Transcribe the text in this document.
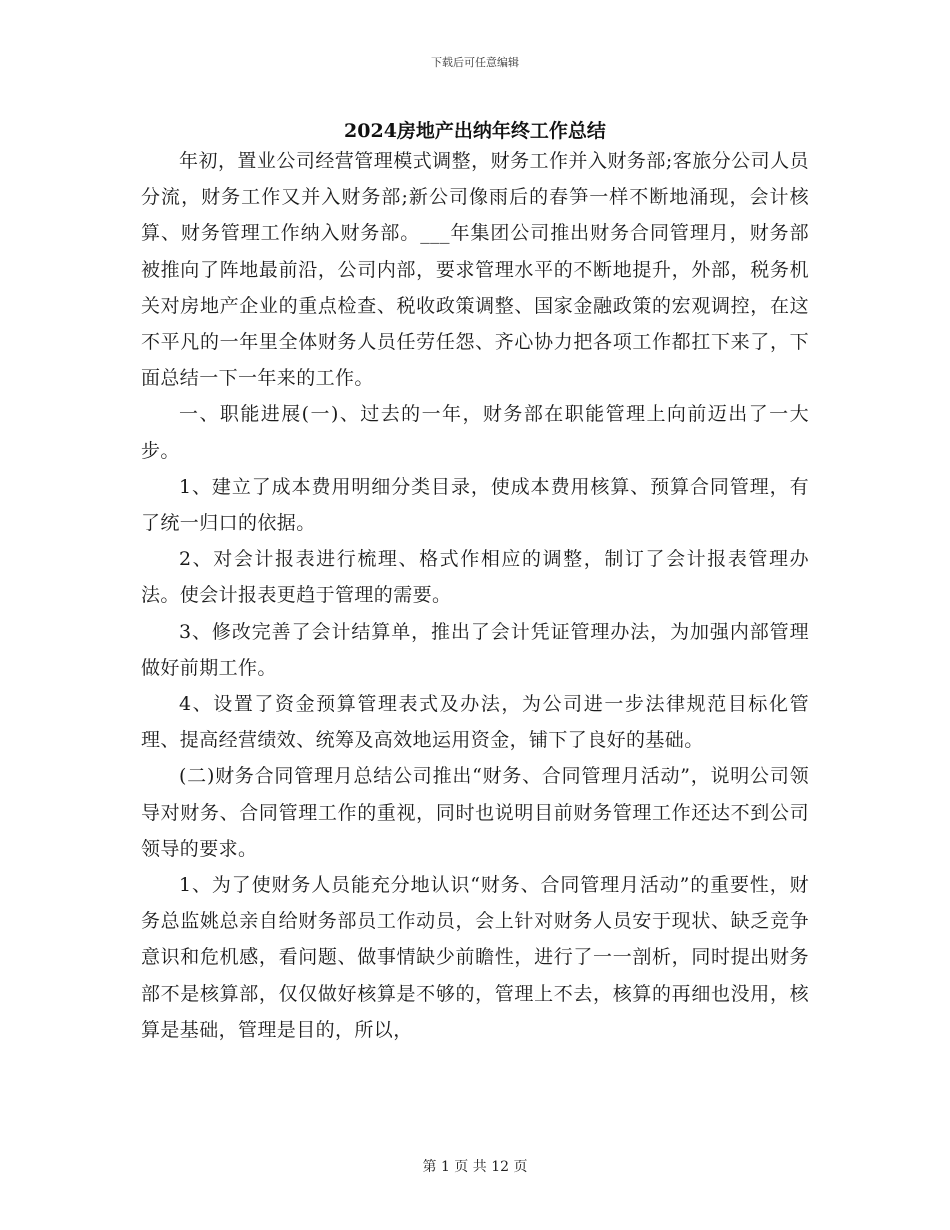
下载后可任意编辑
2024房地产出纳年终工作总结

年初，置业公司经营管理模式调整，财务工作并入财务部;客旅分公司人员分流，财务工作又并入财务部;新公司像雨后的春笋一样不断地涌现，会计核算、财务管理工作纳入财务部。___年集团公司推出财务合同管理月，财务部被推向了阵地最前沿，公司内部，要求管理水平的不断地提升，外部，税务机关对房地产企业的重点检查、税收政策调整、国家金融政策的宏观调控，在这不平凡的一年里全体财务人员任劳任怨、齐心协力把各项工作都扛下来了，下面总结一下一年来的工作。

一、职能进展(一)、过去的一年，财务部在职能管理上向前迈出了一大步。

1、建立了成本费用明细分类目录，使成本费用核算、预算合同管理，有了统一归口的依据。

2、对会计报表进行梳理、格式作相应的调整，制订了会计报表管理办法。使会计报表更趋于管理的需要。

3、修改完善了会计结算单，推出了会计凭证管理办法，为加强内部管理做好前期工作。

4、设置了资金预算管理表式及办法，为公司进一步法律规范目标化管理、提高经营绩效、统筹及高效地运用资金，铺下了良好的基础。

(二)财务合同管理月总结公司推出“财务、合同管理月活动”，说明公司领导对财务、合同管理工作的重视，同时也说明目前财务管理工作还达不到公司领导的要求。

1、为了使财务人员能充分地认识“财务、合同管理月活动”的重要性，财务总监姚总亲自给财务部员工作动员，会上针对财务人员安于现状、缺乏竞争意识和危机感，看问题、做事情缺少前瞻性，进行了一一剖析，同时提出财务部不是核算部，仅仅做好核算是不够的，管理上不去，核算的再细也没用，核算是基础，管理是目的，所以，

第 1 页 共 12 页
